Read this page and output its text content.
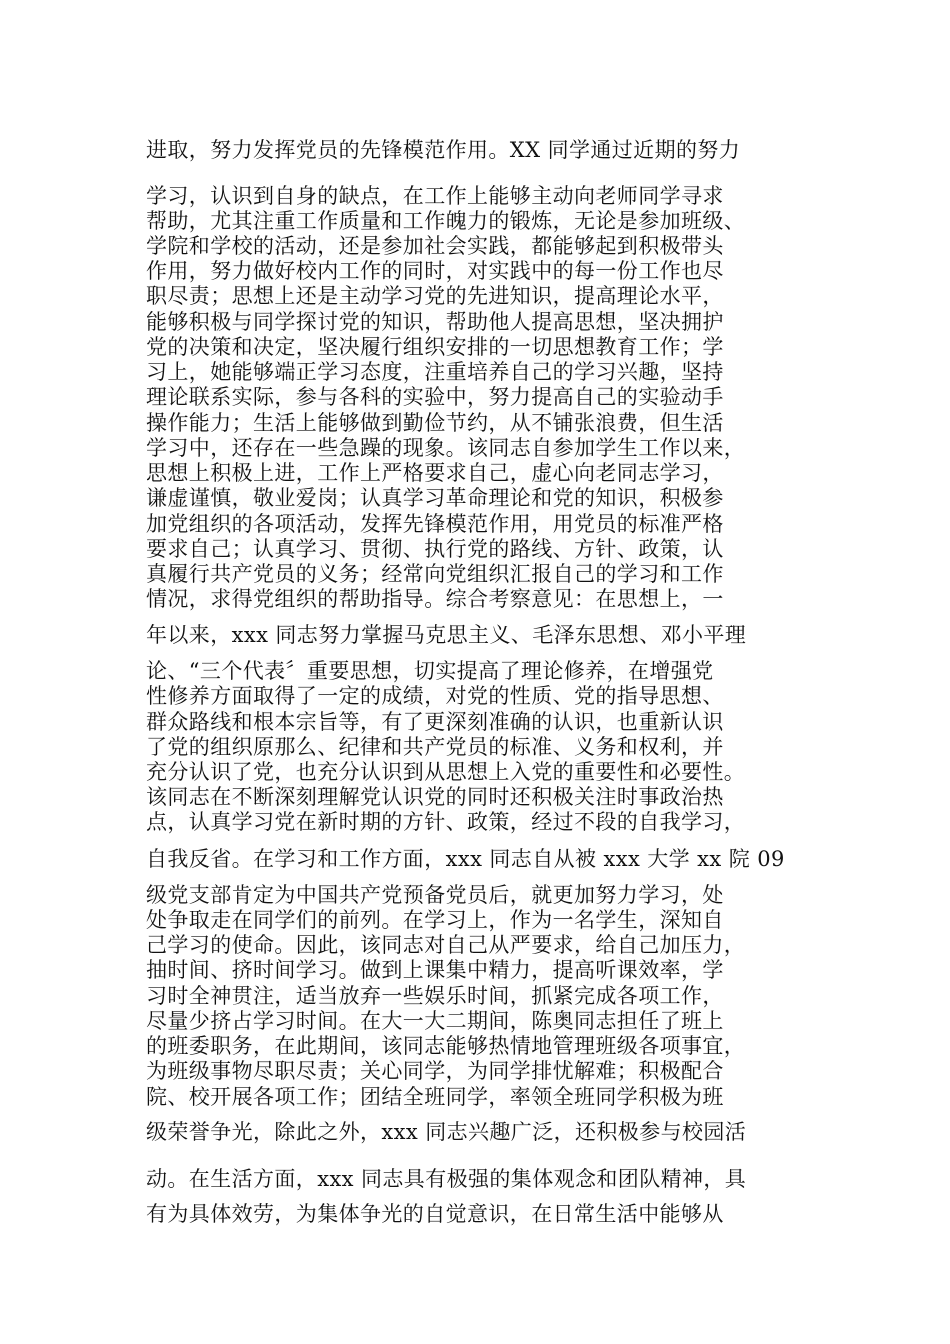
进取，努力发挥党员的先锋模范作用。XX 同学通过近期的努力
学习，认识到自身的缺点，在工作上能够主动向老师同学寻求
帮助，尤其注重工作质量和工作魄力的锻炼，无论是参加班级、
学院和学校的活动，还是参加社会实践，都能够起到积极带头
作用，努力做好校内工作的同时，对实践中的每一份工作也尽
职尽责；思想上还是主动学习党的先进知识，提高理论水平，
能够积极与同学探讨党的知识，帮助他人提高思想，坚决拥护
党的决策和决定，坚决履行组织安排的一切思想教育工作；学
习上，她能够端正学习态度，注重培养自己的学习兴趣，坚持
理论联系实际，参与各科的实验中，努力提高自己的实验动手
操作能力；生活上能够做到勤俭节约，从不铺张浪费，但生活
学习中，还存在一些急躁的现象。该同志自参加学生工作以来，
思想上积极上进，工作上严格要求自己，虚心向老同志学习，
谦虚谨慎，敬业爱岗；认真学习革命理论和党的知识，积极参
加党组织的各项活动，发挥先锋模范作用，用党员的标准严格
要求自己；认真学习、贯彻、执行党的路线、方针、政策，认
真履行共产党员的义务；经常向党组织汇报自己的学习和工作
情况，求得党组织的帮助指导。综合考察意见：在思想上，一
年以来，xxx 同志努力掌握马克思主义、毛泽东思想、邓小平理
论、“三个代表〞重要思想，切实提高了理论修养，在增强党
性修养方面取得了一定的成绩，对党的性质、党的指导思想、
群众路线和根本宗旨等，有了更深刻准确的认识，也重新认识
了党的组织原那么、纪律和共产党员的标准、义务和权利，并
充分认识了党，也充分认识到从思想上入党的重要性和必要性。
该同志在不断深刻理解党认识党的同时还积极关注时事政治热
点，认真学习党在新时期的方针、政策，经过不段的自我学习，
自我反省。在学习和工作方面，xxx 同志自从被 xxx 大学 xx 院 09
级党支部肯定为中国共产党预备党员后，就更加努力学习，处
处争取走在同学们的前列。在学习上，作为一名学生，深知自
己学习的使命。因此，该同志对自己从严要求，给自己加压力，
抽时间、挤时间学习。做到上课集中精力，提高听课效率，学
习时全神贯注，适当放弃一些娱乐时间，抓紧完成各项工作，
尽量少挤占学习时间。在大一大二期间，陈奥同志担任了班上
的班委职务，在此期间，该同志能够热情地管理班级各项事宜，
为班级事物尽职尽责；关心同学，为同学排忧解难；积极配合
院、校开展各项工作；团结全班同学，率领全班同学积极为班
级荣誉争光，除此之外，xxx 同志兴趣广泛，还积极参与校园活
动。在生活方面，xxx 同志具有极强的集体观念和团队精神，具
有为具体效劳，为集体争光的自觉意识，在日常生活中能够从
